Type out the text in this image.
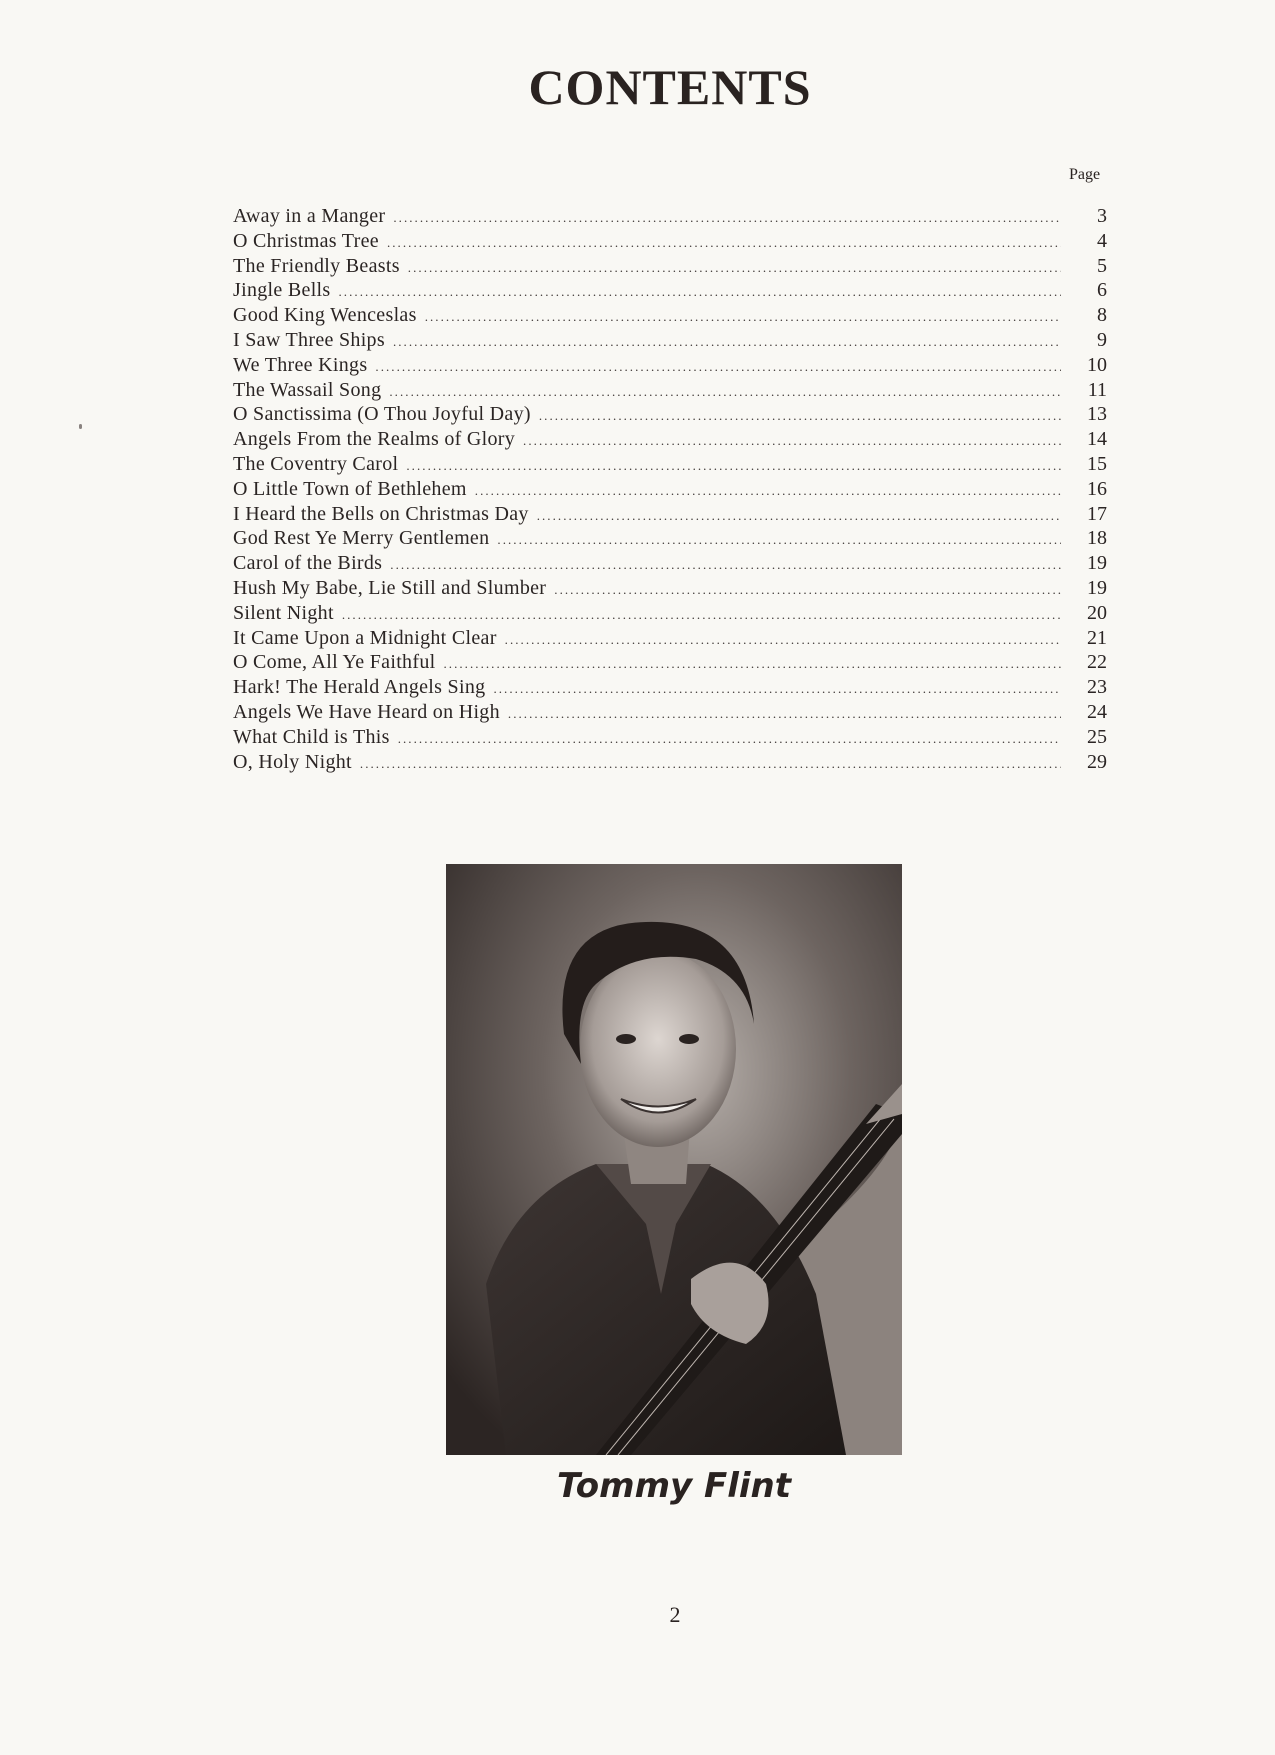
CONTENTS
Page
Away in a Manger . . .	3
O Christmas Tree . . .	4
The Friendly Beasts . . .	5
Jingle Bells . . .	6
Good King Wenceslas . . .	8
I Saw Three Ships . . .	9
We Three Kings . . .	10
The Wassail Song . . .	11
O Sanctissima (O Thou Joyful Day) . . .	13
Angels From the Realms of Glory . . .	14
The Coventry Carol . . .	15
O Little Town of Bethlehem . . .	16
I Heard the Bells on Christmas Day . . .	17
God Rest Ye Merry Gentlemen . . .	18
Carol of the Birds . . .	19
Hush My Babe, Lie Still and Slumber . . .	19
Silent Night . . .	20
It Came Upon a Midnight Clear . . .	21
O Come, All Ye Faithful . . .	22
Hark! The Herald Angels Sing . . .	23
Angels We Have Heard on High . . .	24
What Child is This . . .	25
O, Holy Night . . .	29
Tommy Flint
2
